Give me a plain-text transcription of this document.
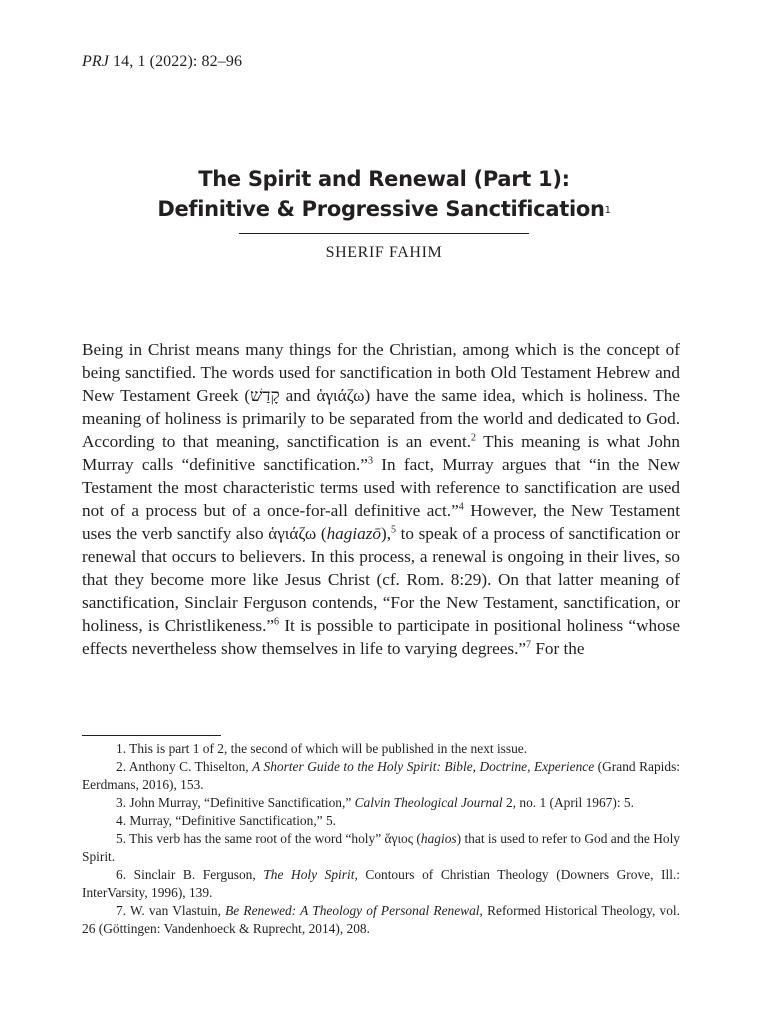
PRJ 14, 1 (2022): 82–96
The Spirit and Renewal (Part 1):
Definitive & Progressive Sanctification$^1$
SHERIF FAHIM
Being in Christ means many things for the Christian, among which is the concept of being sanctified. The words used for sanctification in both Old Testament Hebrew and New Testament Greek (קָדַשׁ and ἁγιάζω) have the same idea, which is holiness. The meaning of holiness is primarily to be separated from the world and dedicated to God. According to that meaning, sanctification is an event.$^2$ This meaning is what John Murray calls “definitive sanctification.”$^3$ In fact, Murray argues that “in the New Testament the most characteristic terms used with reference to sanctification are used not of a process but of a once-for-all definitive act.”$^4$ However, the New Testament uses the verb sanctify also ἁγιάζω (hagiazō),$^5$ to speak of a process of sanctification or renewal that occurs to believers. In this process, a renewal is ongoing in their lives, so that they become more like Jesus Christ (cf. Rom. 8:29). On that latter meaning of sanctification, Sinclair Ferguson contends, “For the New Testament, sanctification, or holiness, is Christlikeness.”$^6$ It is possible to participate in positional holiness “whose effects nevertheless show themselves in life to varying degrees.”$^7$ For the

1. This is part 1 of 2, the second of which will be published in the next issue.

2. Anthony C. Thiselton, A Shorter Guide to the Holy Spirit: Bible, Doctrine, Experience (Grand Rapids: Eerdmans, 2016), 153.

3. John Murray, “Definitive Sanctification,” Calvin Theological Journal 2, no. 1 (April 1967): 5.

4. Murray, “Definitive Sanctification,” 5.

5. This verb has the same root of the word “holy” ἅγιος (hagios) that is used to refer to God and the Holy Spirit.

6. Sinclair B. Ferguson, The Holy Spirit, Contours of Christian Theology (Downers Grove, Ill.: InterVarsity, 1996), 139.

7. W. van Vlastuin, Be Renewed: A Theology of Personal Renewal, Reformed Historical Theology, vol. 26 (Göttingen: Vandenhoeck & Ruprecht, 2014), 208.
